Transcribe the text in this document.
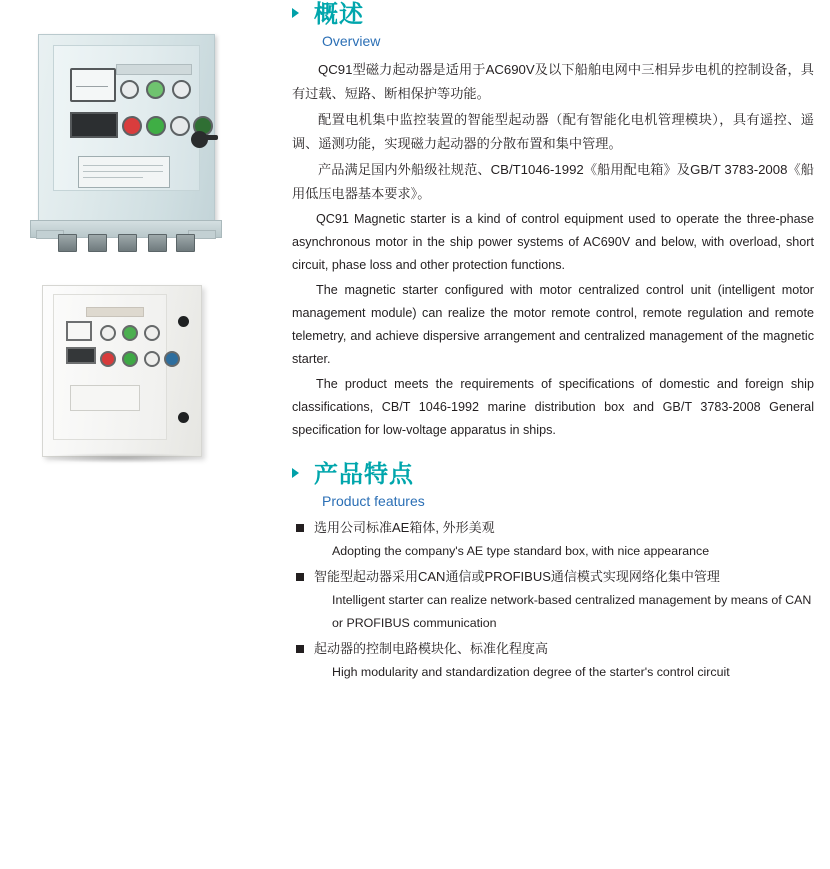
概述
Overview

QC91型磁力起动器是适用于AC690V及以下船舶电网中三相异步电机的控制设备，具有过载、短路、断相保护等功能。

配置电机集中监控装置的智能型起动器（配有智能化电机管理模块），具有遥控、遥调、遥测功能，实现磁力起动器的分散布置和集中管理。

产品满足国内外船级社规范、CB/T1046-1992《船用配电箱》及GB/T 3783-2008《船用低压电器基本要求》。

QC91 Magnetic starter is a kind of control equipment used to operate the three-phase asynchronous motor in the ship power systems of AC690V and below, with overload, short circuit, phase loss and other protection functions.

The magnetic starter configured with motor centralized control unit (intelligent motor management module) can realize the motor remote control, remote regulation and remote telemetry, and achieve dispersive arrangement and centralized management of the magnetic starter.

The product meets the requirements of specifications of domestic and foreign ship classifications, CB/T 1046-1992 marine distribution box and GB/T 3783-2008 General specification for low-voltage apparatus in ships.

产品特点
Product features
选用公司标准AE箱体, 外形美观
Adopting the company's AE type standard box, with nice appearance
智能型起动器采用CAN通信或PROFIBUS通信模式实现网络化集中管理
Intelligent starter can realize network-based centralized management by means of CAN or PROFIBUS communication
起动器的控制电路模块化、标准化程度高
High modularity and standardization degree of the starter's control circuit
